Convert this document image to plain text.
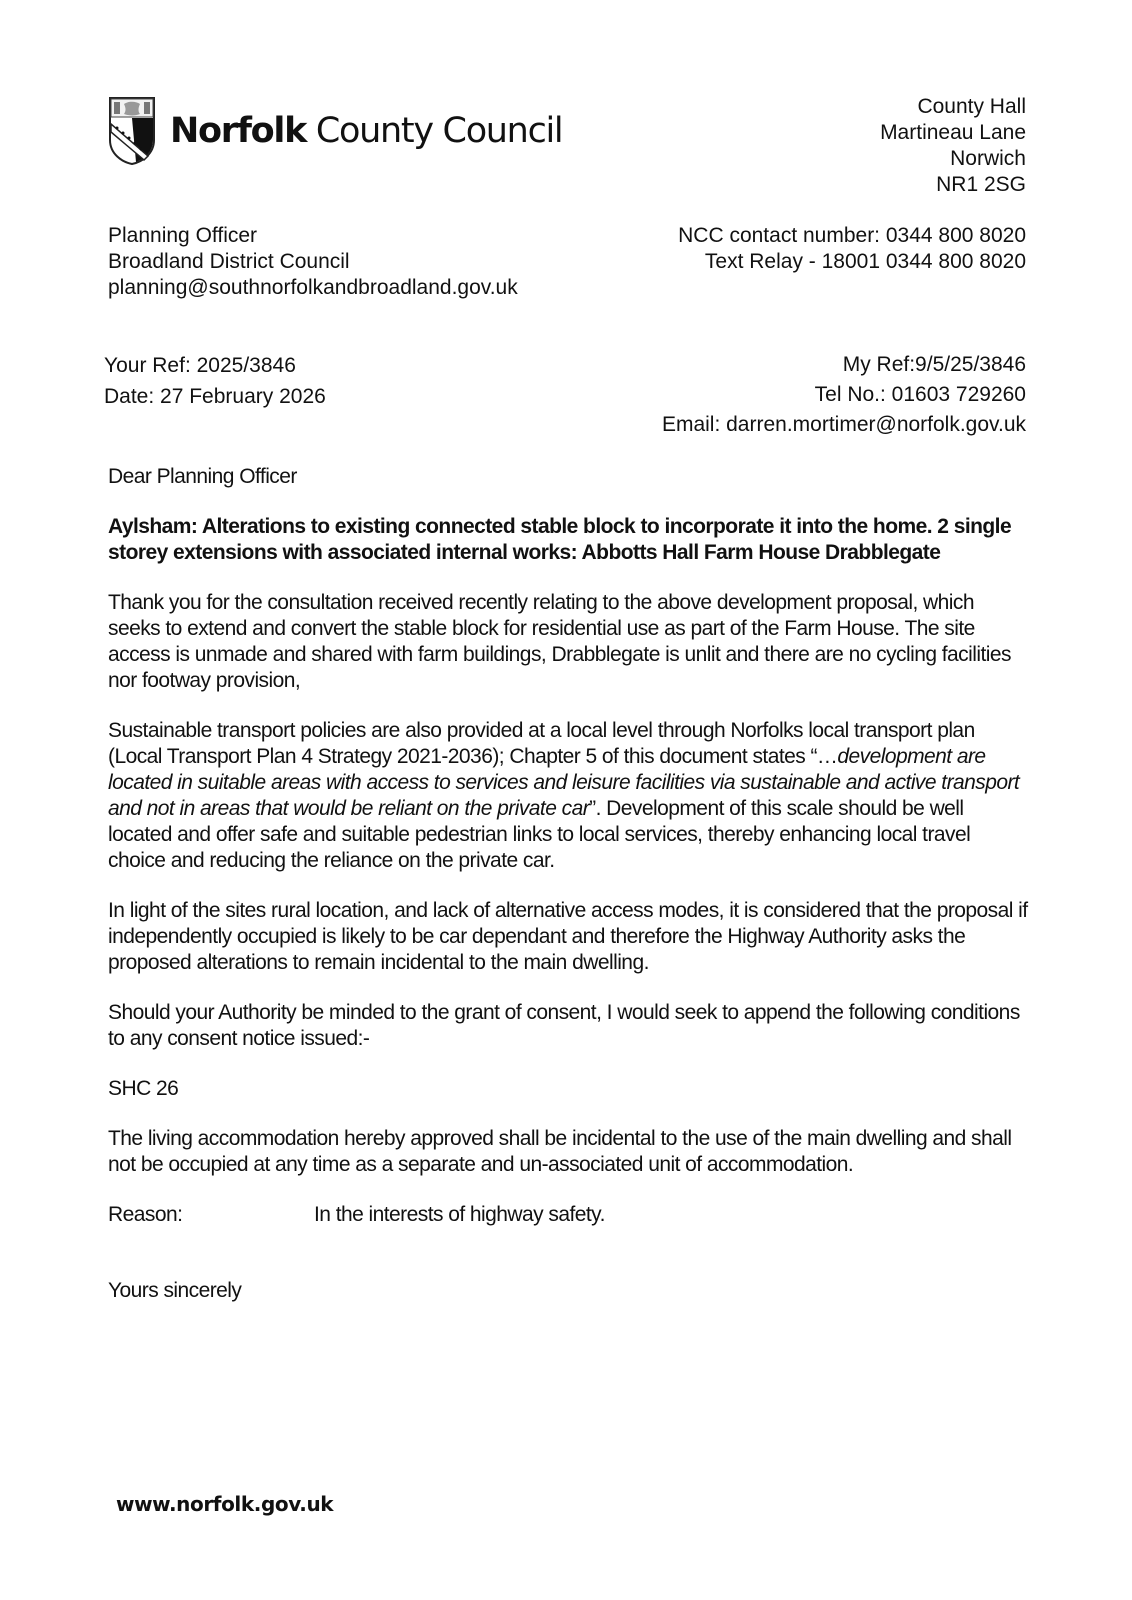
Norfolk County Council
County Hall
Martineau Lane
Norwich
NR1 2SG
Planning Officer
Broadland District Council
planning@southnorfolkandbroadland.gov.uk
NCC contact number: 0344 800 8020
Text Relay - 18001 0344 800 8020
Your Ref: 2025/3846
Date: 27 February 2026
My Ref:9/5/25/3846
Tel No.: 01603 729260
Email: darren.mortimer@norfolk.gov.uk

Dear Planning Officer

Aylsham: Alterations to existing connected stable block to incorporate it into the home. 2 single storey extensions with associated internal works: Abbotts Hall Farm House Drabblegate

Thank you for the consultation received recently relating to the above development proposal, which seeks to extend and convert the stable block for residential use as part of the Farm House. The site access is unmade and shared with farm buildings, Drabblegate is unlit and there are no cycling facilities nor footway provision,

Sustainable transport policies are also provided at a local level through Norfolks local transport plan (Local Transport Plan 4 Strategy 2021-2036); Chapter 5 of this document states “…development are located in suitable areas with access to services and leisure facilities via sustainable and active transport and not in areas that would be reliant on the private car”. Development of this scale should be well located and offer safe and suitable pedestrian links to local services, thereby enhancing local travel choice and reducing the reliance on the private car.

In light of the sites rural location, and lack of alternative access modes, it is considered that the proposal if independently occupied is likely to be car dependant and therefore the Highway Authority asks the proposed alterations to remain incidental to the main dwelling.

Should your Authority be minded to the grant of consent, I would seek to append the following conditions to any consent notice issued:-

SHC 26

The living accommodation hereby approved shall be incidental to the use of the main dwelling and shall not be occupied at any time as a separate and un-associated unit of accommodation.

Reason:	In the interests of highway safety.

Yours sincerely

www.norfolk.gov.uk
